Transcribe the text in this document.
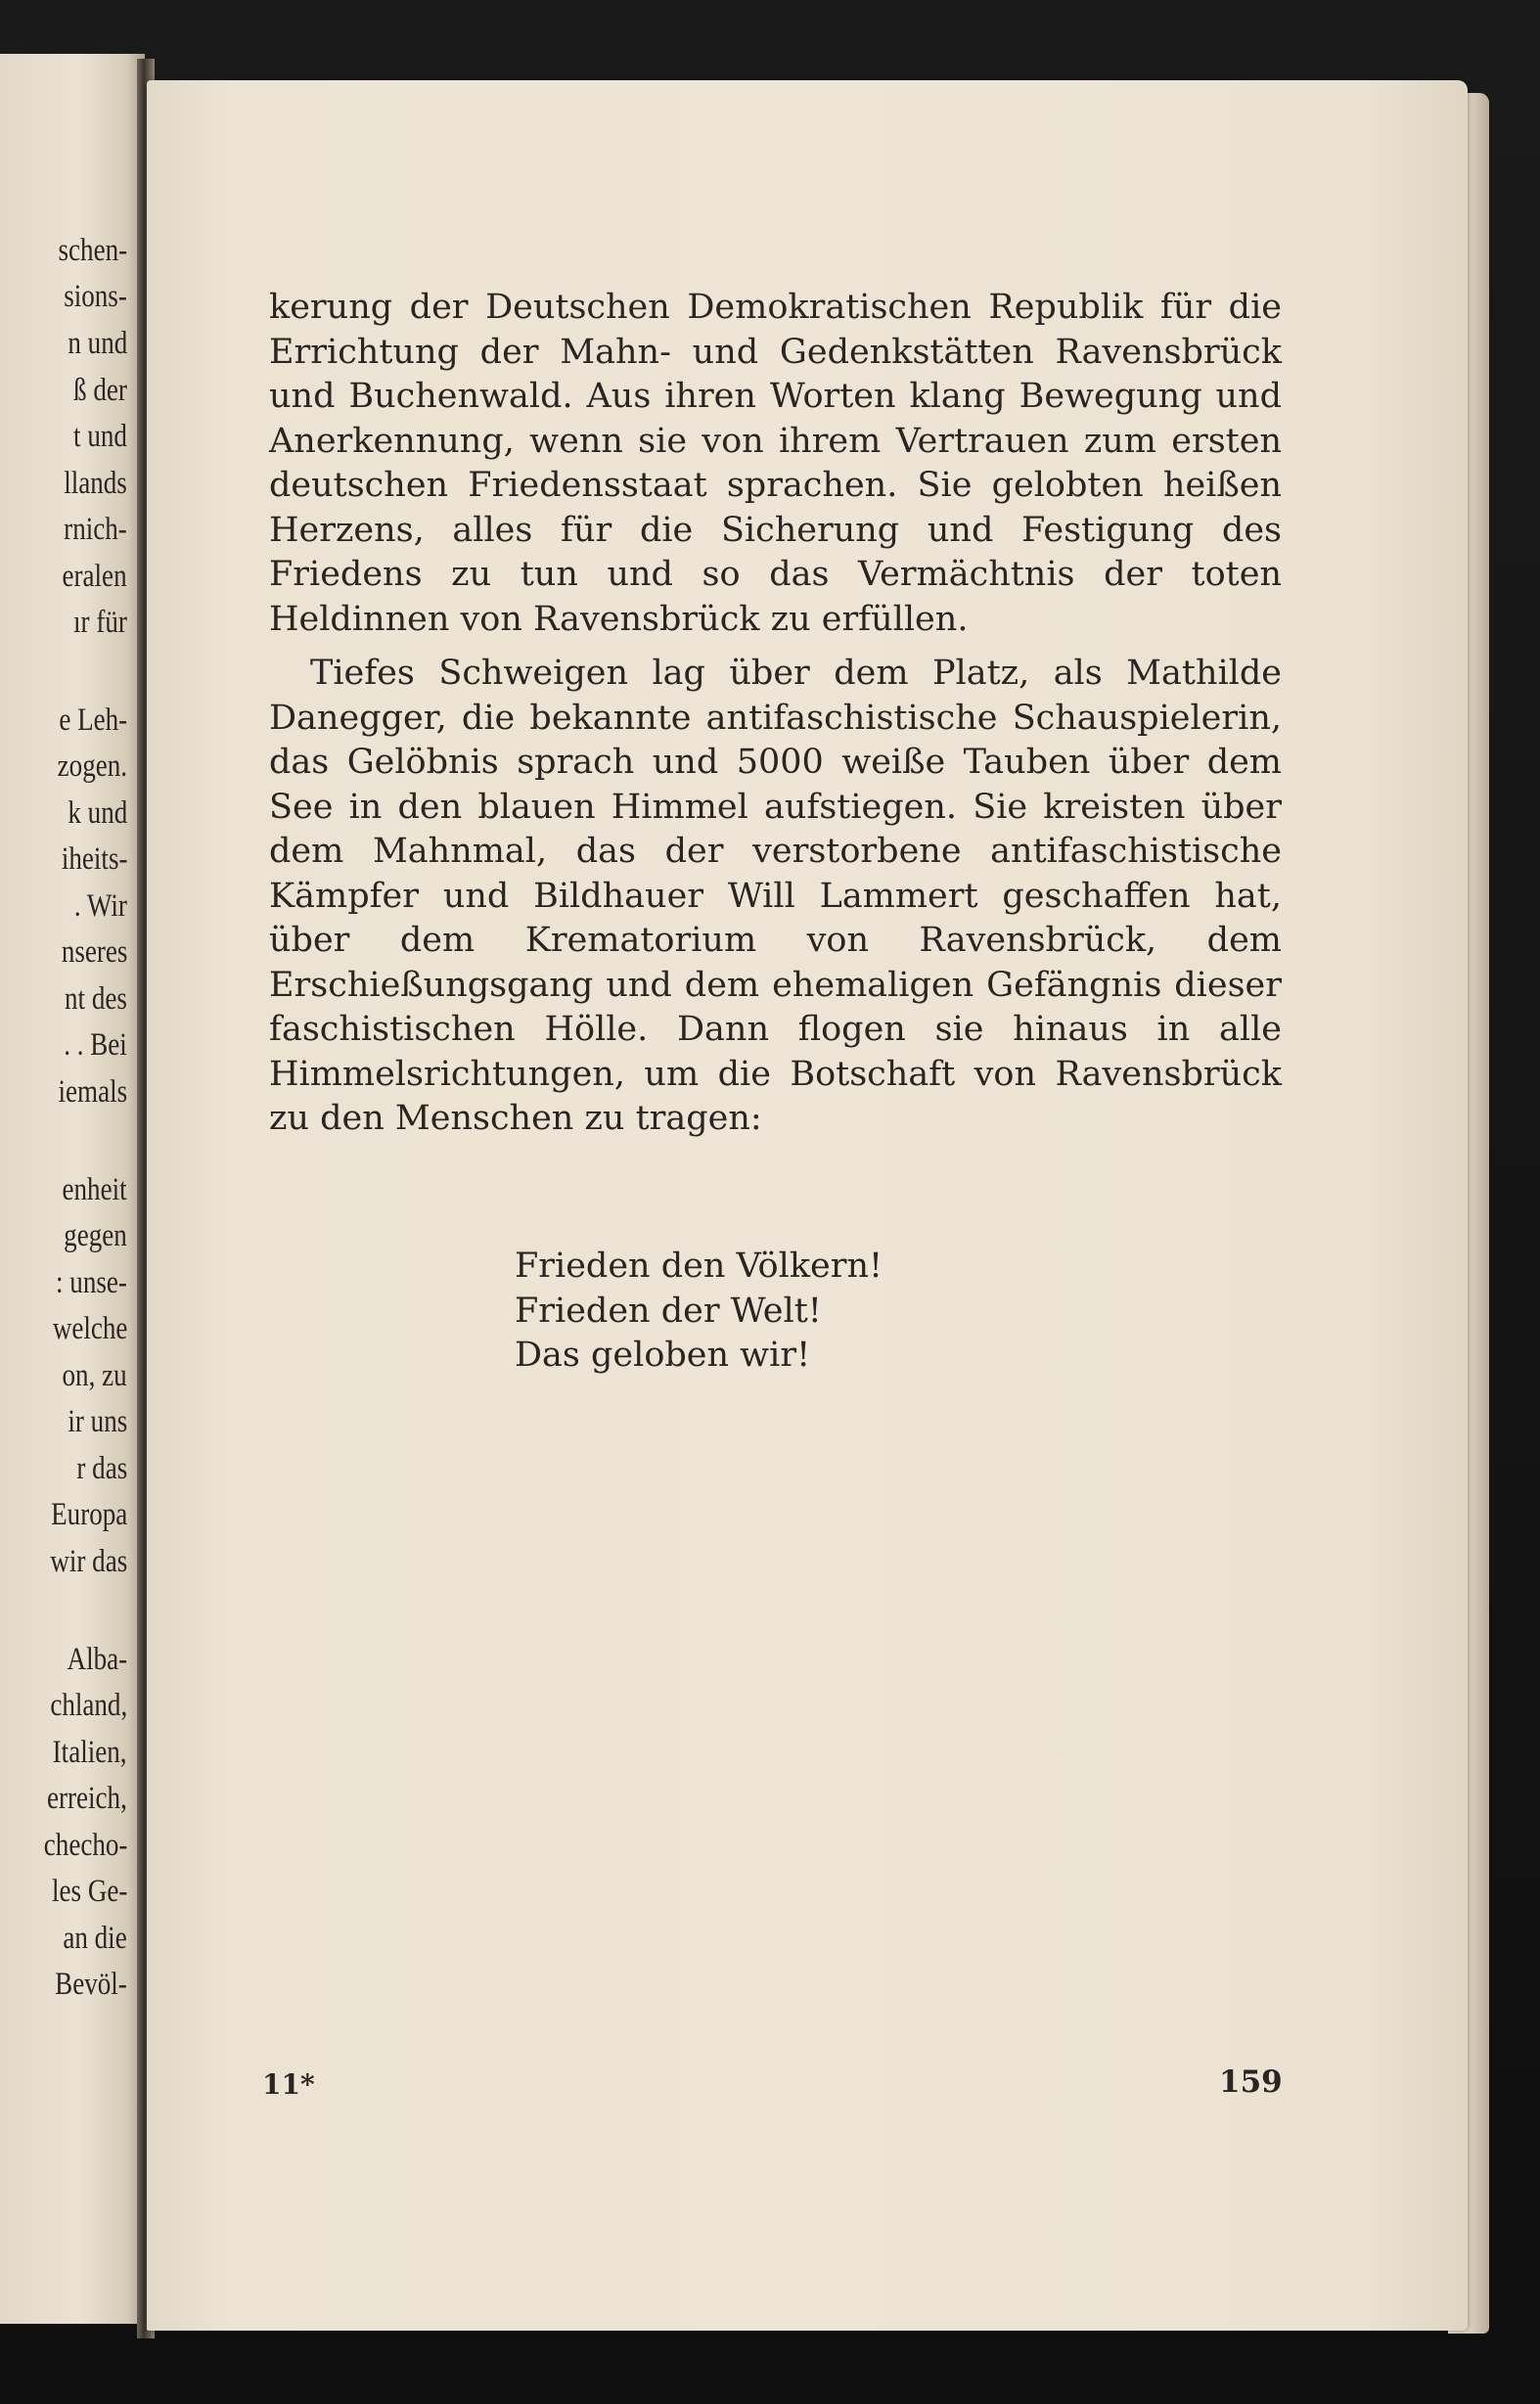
schen-
sions-
n und
ß der
t und
llands
rnich-
eralen
ır für
e Leh-
zogen.
k und
iheits-
. Wir
nseres
nt des
. . Bei
iemals
enheit
gegen
: unse-
welche
on, zu
ir uns
r das
Europa
wir das
Alba-
chland,
Italien,
erreich,
checho-
les Ge-
an die
Bevöl-

kerung der Deutschen Demokratischen Republik für die Errichtung der Mahn- und Gedenkstätten Ravensbrück und Buchenwald. Aus ihren Worten klang Bewegung und Anerkennung, wenn sie von ihrem Vertrauen zum ersten deutschen Friedensstaat sprachen. Sie gelobten heißen Herzens, alles für die Sicherung und Festigung des Friedens zu tun und so das Vermächtnis der toten Heldinnen von Ravensbrück zu erfüllen.

Tiefes Schweigen lag über dem Platz, als Mathilde Danegger, die bekannte antifaschistische Schauspielerin, das Gelöbnis sprach und 5000 weiße Tauben über dem See in den blauen Himmel aufstiegen. Sie kreisten über dem Mahnmal, das der verstorbene antifaschistische Kämpfer und Bildhauer Will Lammert geschaffen hat, über dem Krematorium von Ravensbrück, dem Erschießungsgang und dem ehemaligen Gefängnis dieser faschistischen Hölle. Dann flogen sie hinaus in alle Himmelsrichtungen, um die Botschaft von Ravensbrück zu den Menschen zu tragen:

Frieden den Völkern!
Frieden der Welt!
Das geloben wir!
11*	159
